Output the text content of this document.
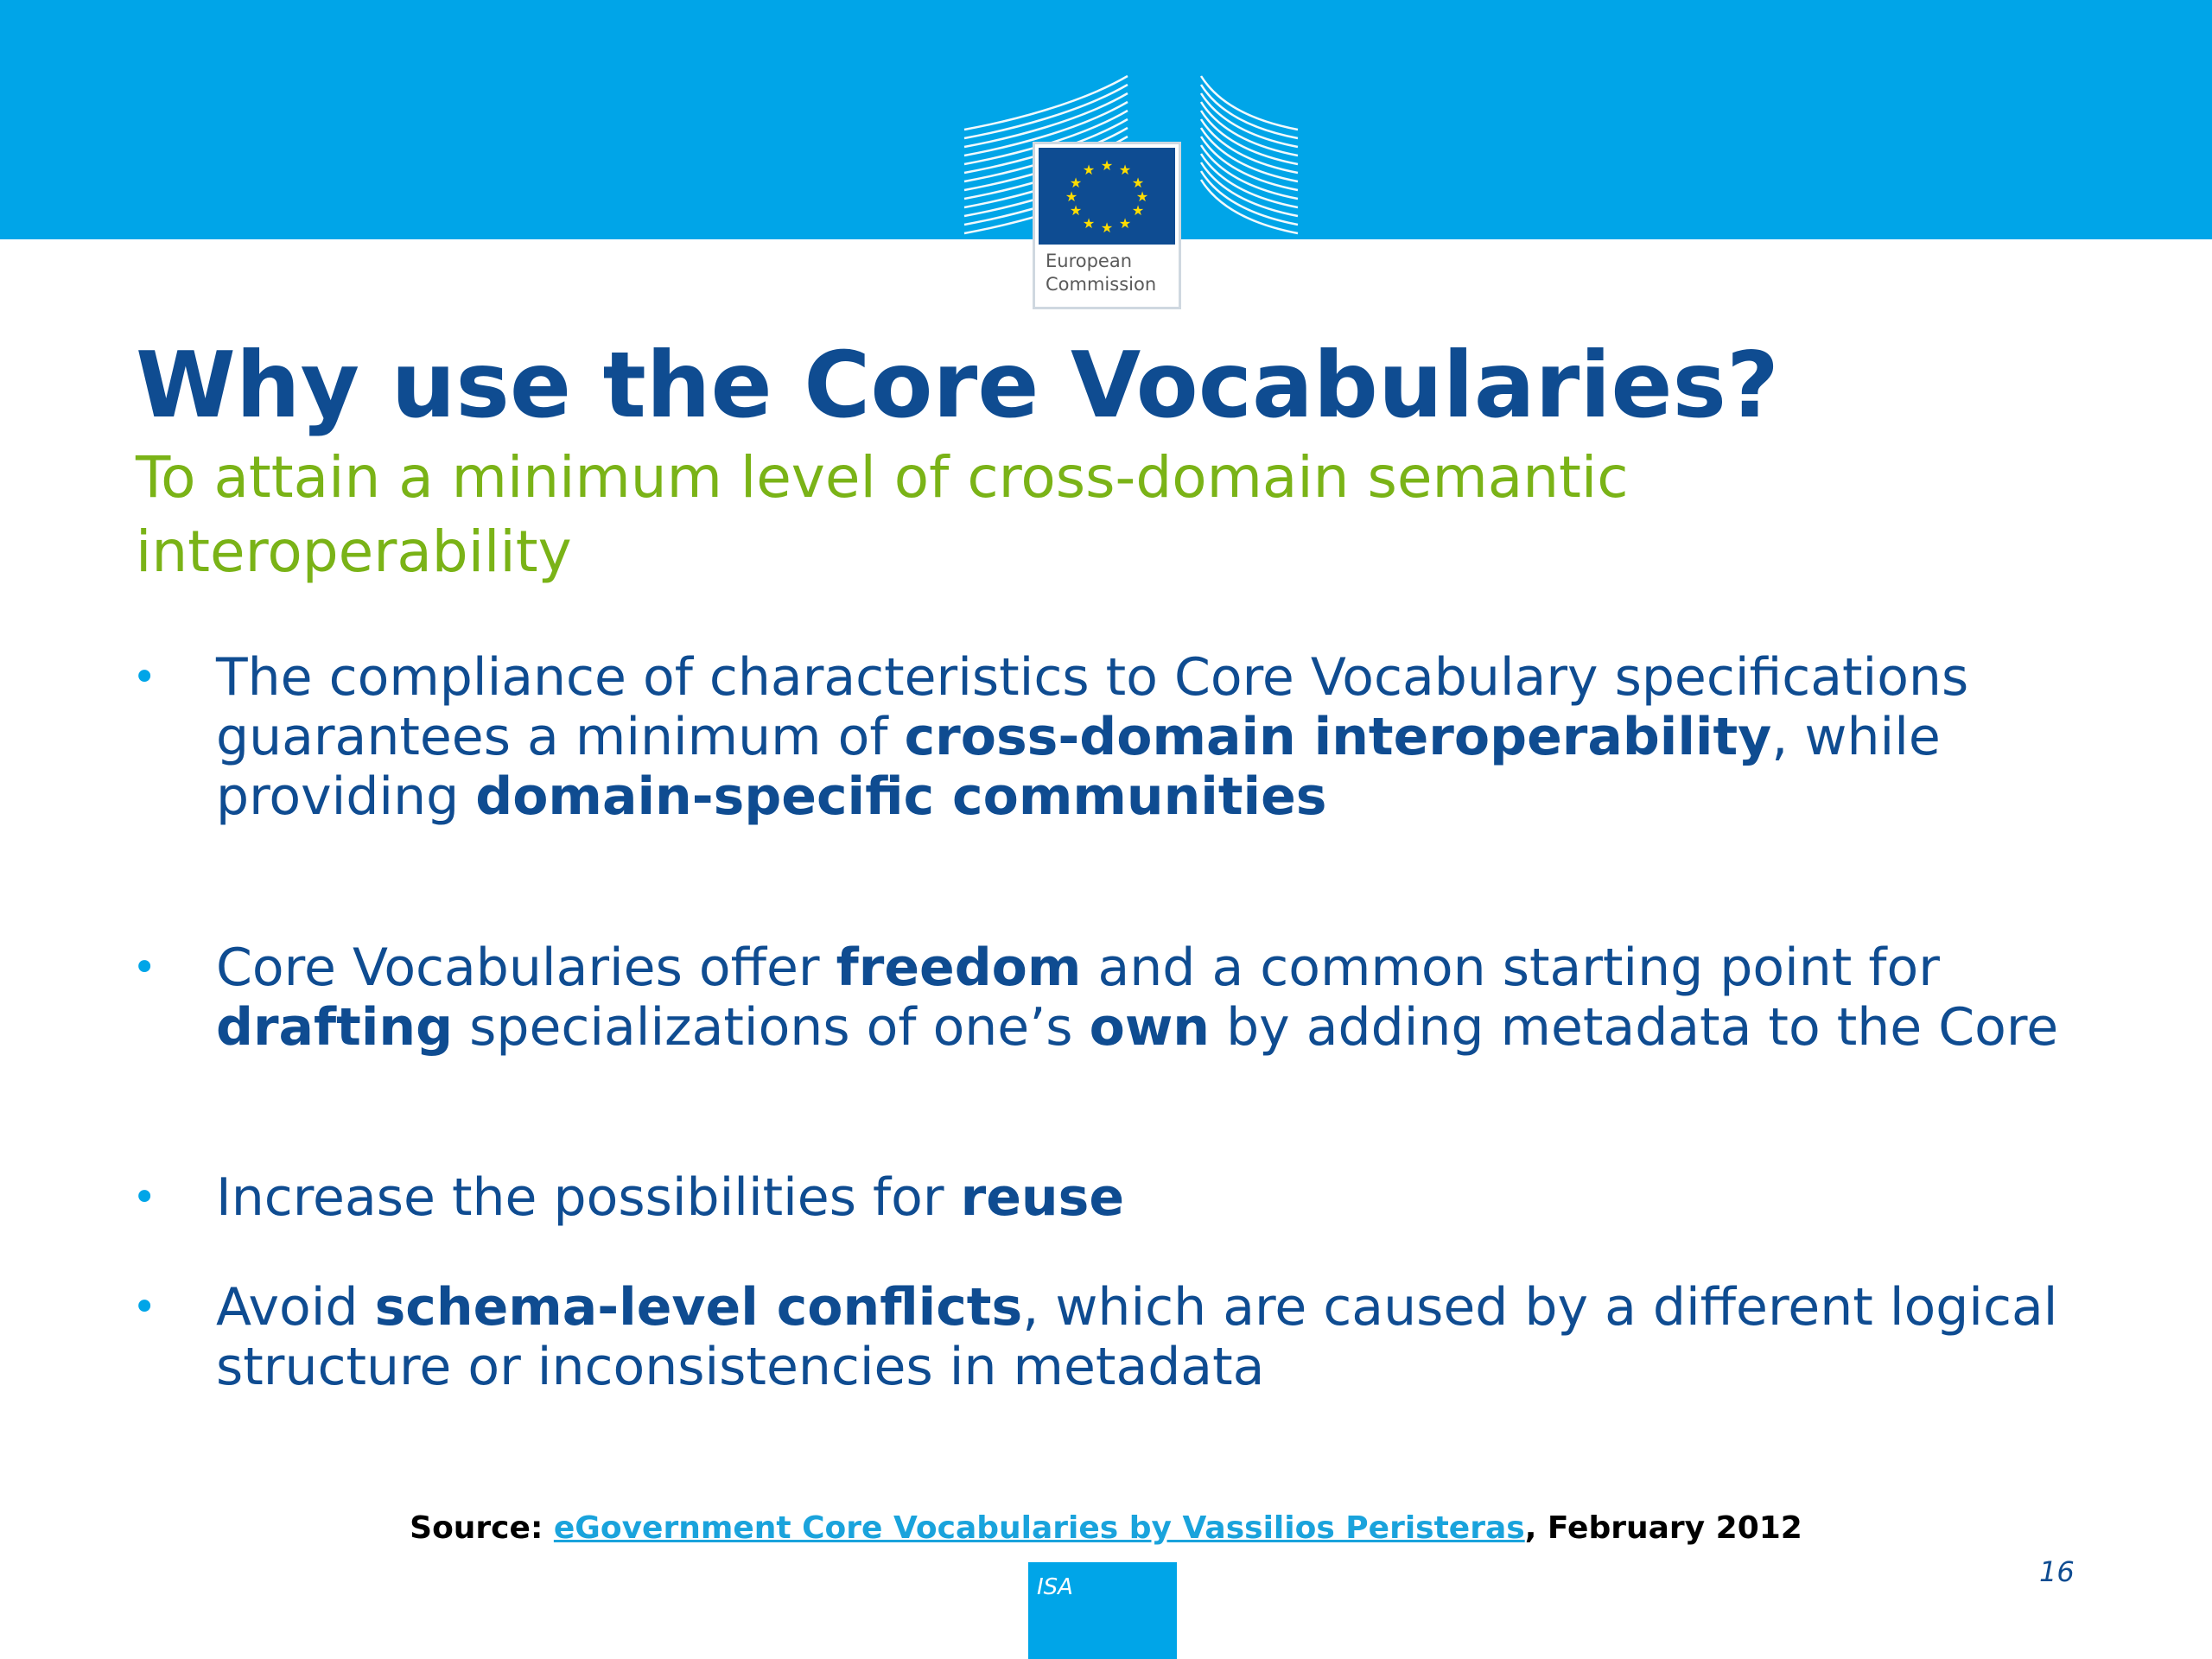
★ ★
★
★
★
★
★
★
★
★
★
★
European
Commission
Why use the Core Vocabularies?

To attain a minimum level of cross-domain semantic interoperability

• The compliance of characteristics to Core Vocabulary specifications guarantees a minimum of cross-domain interoperability, while providing domain-specific communities
• Core Vocabularies offer freedom and a common starting point for drafting specializations of one’s own by adding metadata to the Core
• Increase the possibilities for reuse
• Avoid schema-level conflicts, which are caused by a different logical structure or inconsistencies in metadata
Source: eGovernment Core Vocabularies by Vassilios Peristeras, February 2012
ISA	16
